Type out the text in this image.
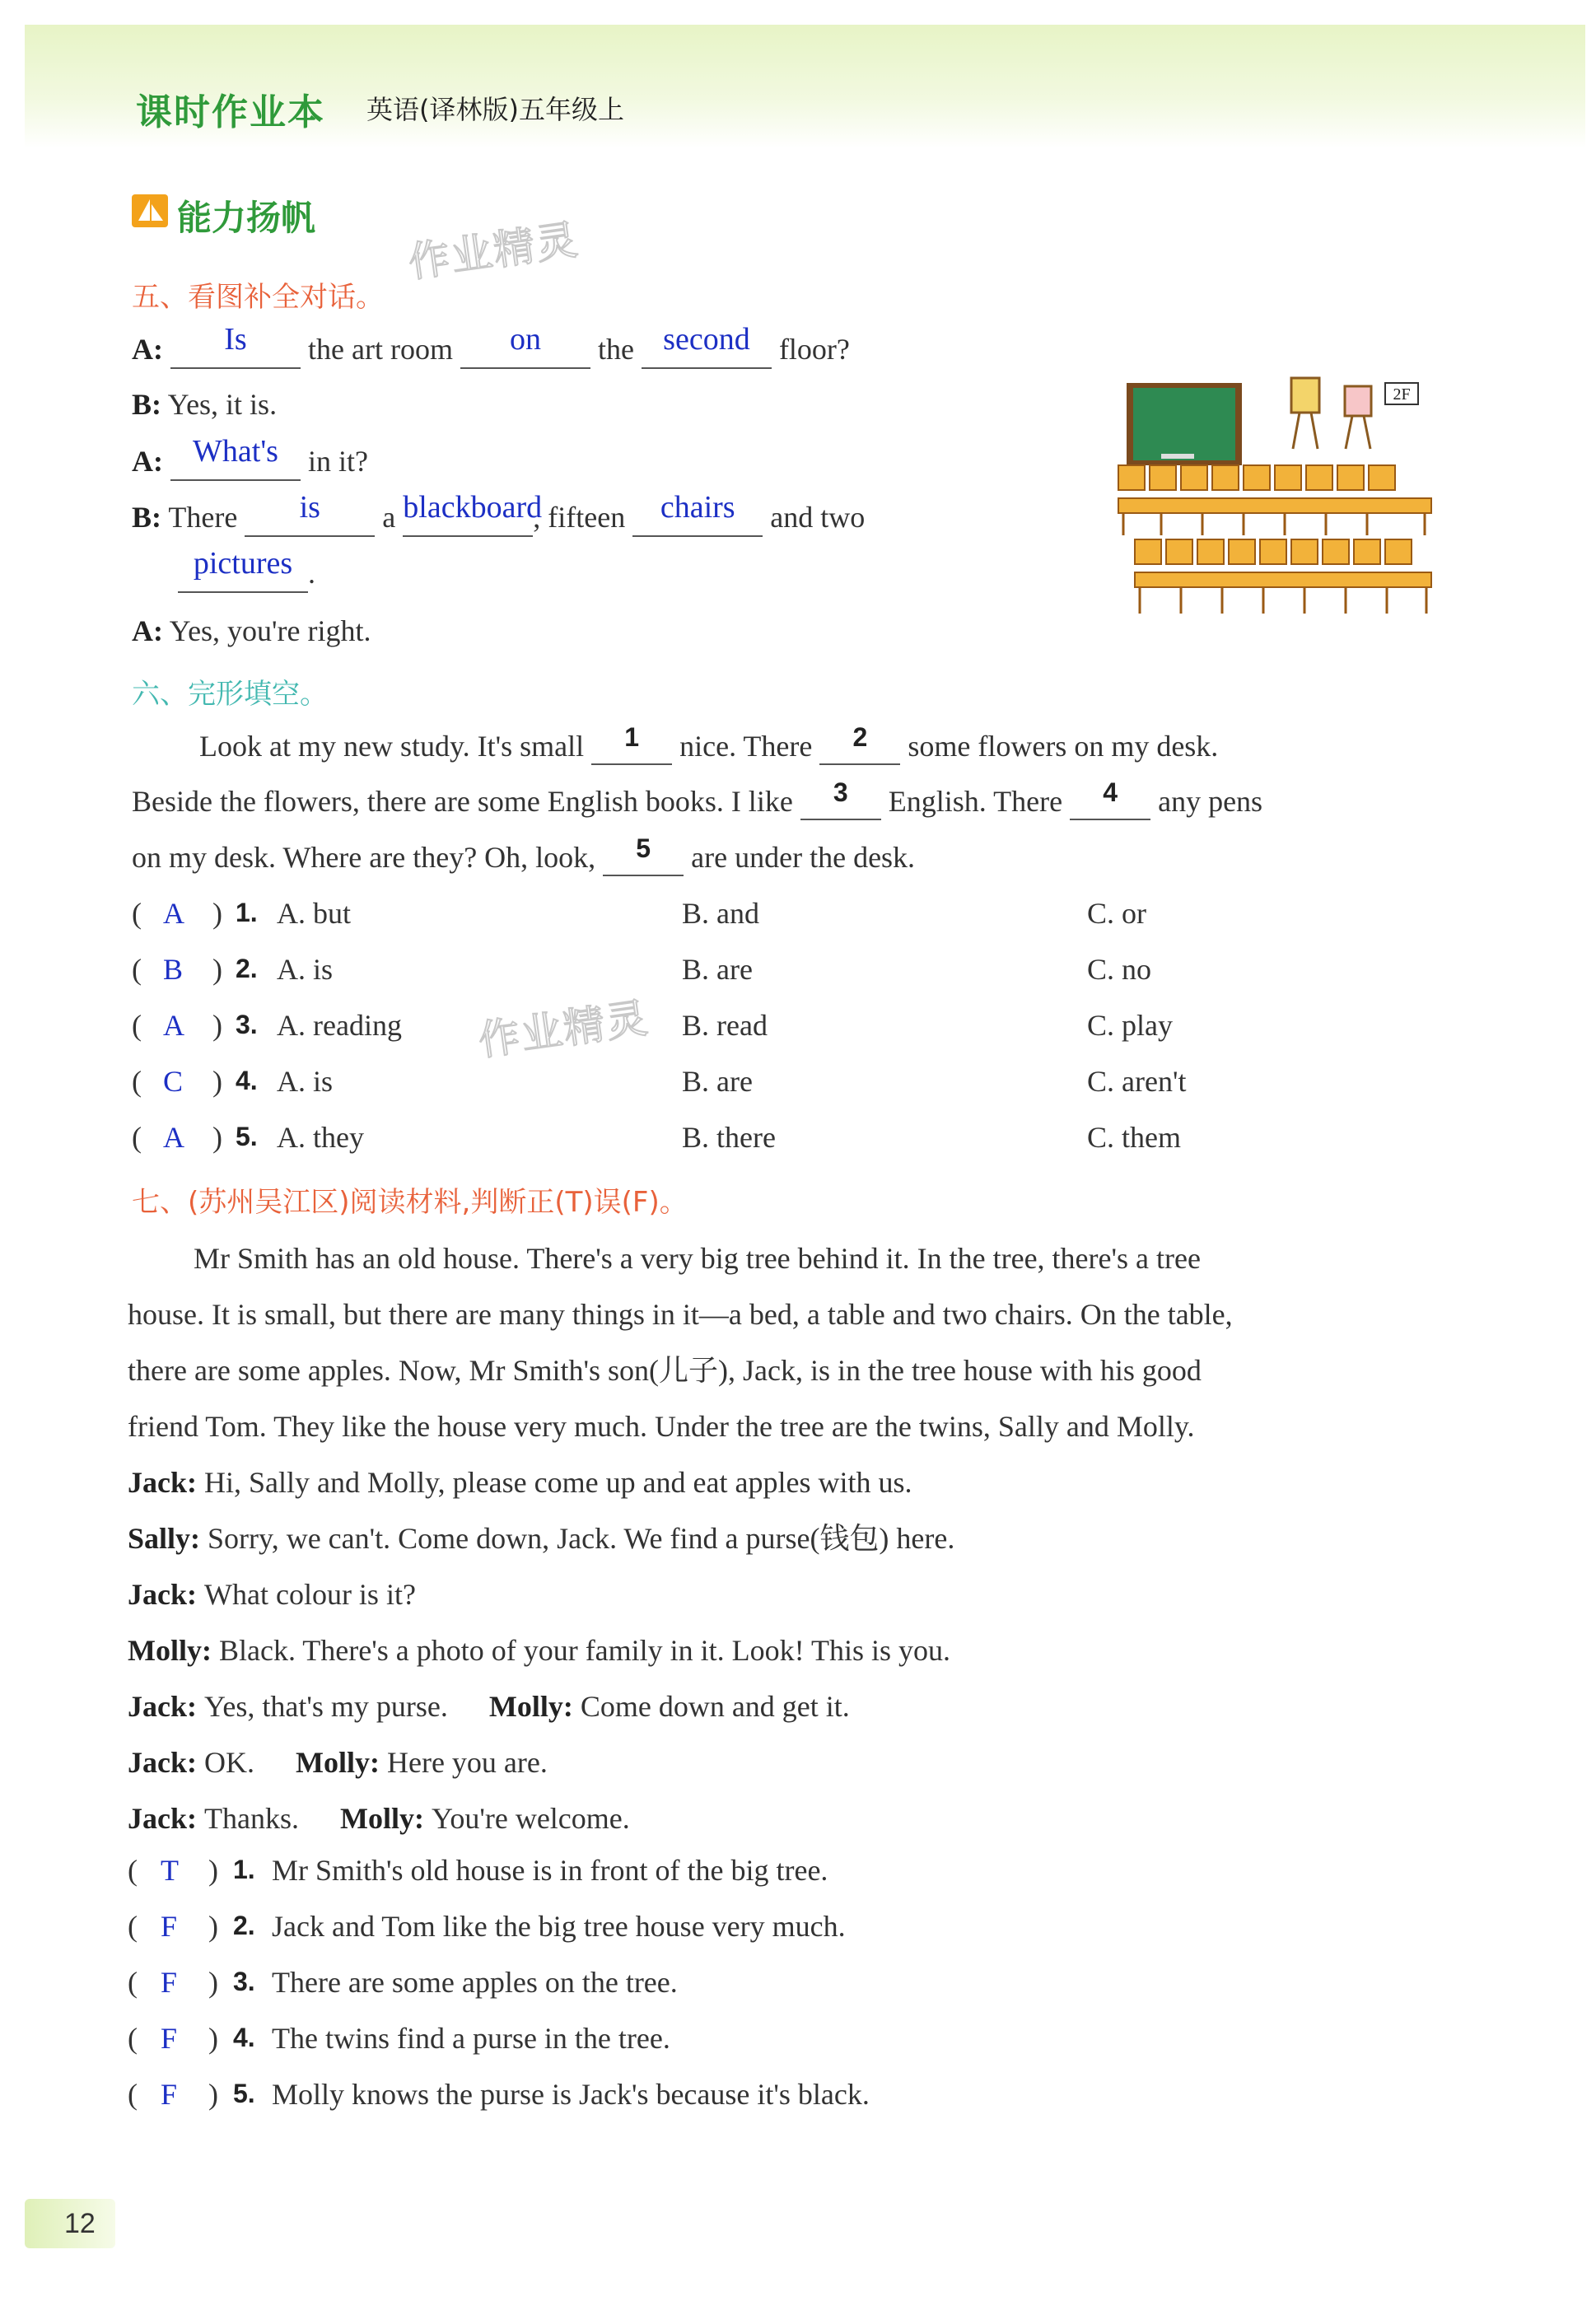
课时作业本 英语(译林版)五年级上
能力扬帆 作业精灵
作业精灵
五、看图补全对话。
A: Is the art room on the second floor?
B: Yes, it is.
A: What's in it?
B: There is a blackboard, fifteen chairs and two
pictures .
A: Yes, you're right.
2F
六、完形填空。
Look at my new study. It's small 1 nice. There 2 some flowers on my desk.
Beside the flowers, there are some English books. I like 3 English. There 4 any pens
on my desk. Where are they? Oh, look, 5 are under the desk.
( A ) 1. A. but	B. and	C. or
( B ) 2. A. is	B. are	C. no
( A ) 3. A. reading	B. read	C. play
( C ) 4. A. is	B. are	C. aren't
( A ) 5. A. they	B. there	C. them
七、(苏州吴江区)阅读材料,判断正(T)误(F)。
Mr Smith has an old house. There's a very big tree behind it. In the tree, there's a tree
house. It is small, but there are many things in it—a bed, a table and two chairs. On the table,
there are some apples. Now, Mr Smith's son(儿子), Jack, is in the tree house with his good
friend Tom. They like the house very much. Under the tree are the twins, Sally and Molly.
Jack: Hi, Sally and Molly, please come up and eat apples with us.
Sally: Sorry, we can't. Come down, Jack. We find a purse(钱包) here.
Jack: What colour is it?
Molly: Black. There's a photo of your family in it. Look! This is you.
Jack: Yes, that's my purse. Molly: Come down and get it.
Jack: OK. Molly: Here you are.
Jack: Thanks. Molly: You're welcome.
( T ) 1. Mr Smith's old house is in front of the big tree.
( F ) 2. Jack and Tom like the big tree house very much.
( F ) 3. There are some apples on the tree.
( F ) 4. The twins find a purse in the tree.
( F ) 5. Molly knows the purse is Jack's because it's black.
12
